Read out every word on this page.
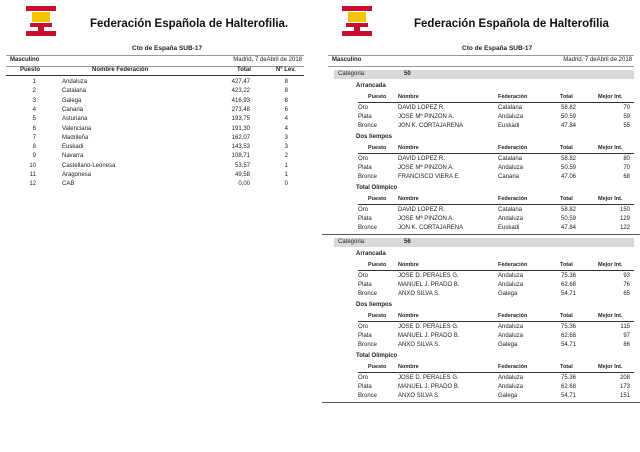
Federación Española de Halterofilia.
Cto de España SUB-17
Masculino	Madrid, 7 deAbril de 2018
Puesto	Nombre Federación	Total	Nº Lev.
1	Andaluza	427,47	8
2	Catalana	423,22	8
3	Galega	416,93	8
4	Canaria	273,48	6
5	Asturiana	193,75	4
6	Valenciana	191,30	4
7	Madrileña	162,07	3
8	Euskadi	143,53	3
9	Navarra	108,71	2
10	Castellano-Leonesa	53,57	1
11	Aragonesa	49,58	1
12	CAB	0,00	0
Federación Española de Halterofilia
Cto de España SUB-17
Masculino	Madrid, 7 deAbril de 2018
Categoria:	50
Arrancada
Puesto Nombre	Federación	Total	Mejor Int.
Oro	DAVID LOPEZ R.	Catalana	58.82	70
Plata	JOSE Mª PINZON A.	Andaluza	50.59	59
Bronce	JON K. CORTAJARENA	Euskadi	47.84	55
Dos tiempos
Puesto Nombre	Federación	Total	Mejor Int.
Oro	DAVID LOPEZ R.	Catalana	58.82	80
Plata	JOSE Mª PINZON A.	Andaluza	50.59	70
Bronce	FRANCISCO VIERA E.	Canaria	47.06	68
Total Olímpico
Puesto Nombre	Federación	Total	Mejor Int.
Oro	DAVID LOPEZ R.	Catalana	58.82	150
Plata	JOSE Mª PINZON A.	Andaluza	50.59	129
Bronce	JON K. CORTAJARENA	Euskadi	47.84	122
Categoria:	56
Arrancada
Puesto Nombre	Federación	Total	Mejor Int.
Oro	JOSE D. PERALES G.	Andaluza	75.36	93
Plata	MANUEL J. PRADO B.	Andaluza	62.68	76
Bronce	ANXO SILVA S.	Galega	54.71	65
Dos tiempos
Puesto Nombre	Federación	Total	Mejor Int.
Oro	JOSE D. PERALES G.	Andaluza	75.36	115
Plata	MANUEL J. PRADO B.	Andaluza	62.68	97
Bronce	ANXO SILVA S.	Galega	54.71	86
Total Olímpico
Puesto Nombre	Federación	Total	Mejor Int.
Oro	JOSE D. PERALES G.	Andaluza	75.36	208
Plata	MANUEL J. PRADO B.	Andaluza	62.68	173
Bronce	ANXO SILVA S.	Galega	54.71	151
